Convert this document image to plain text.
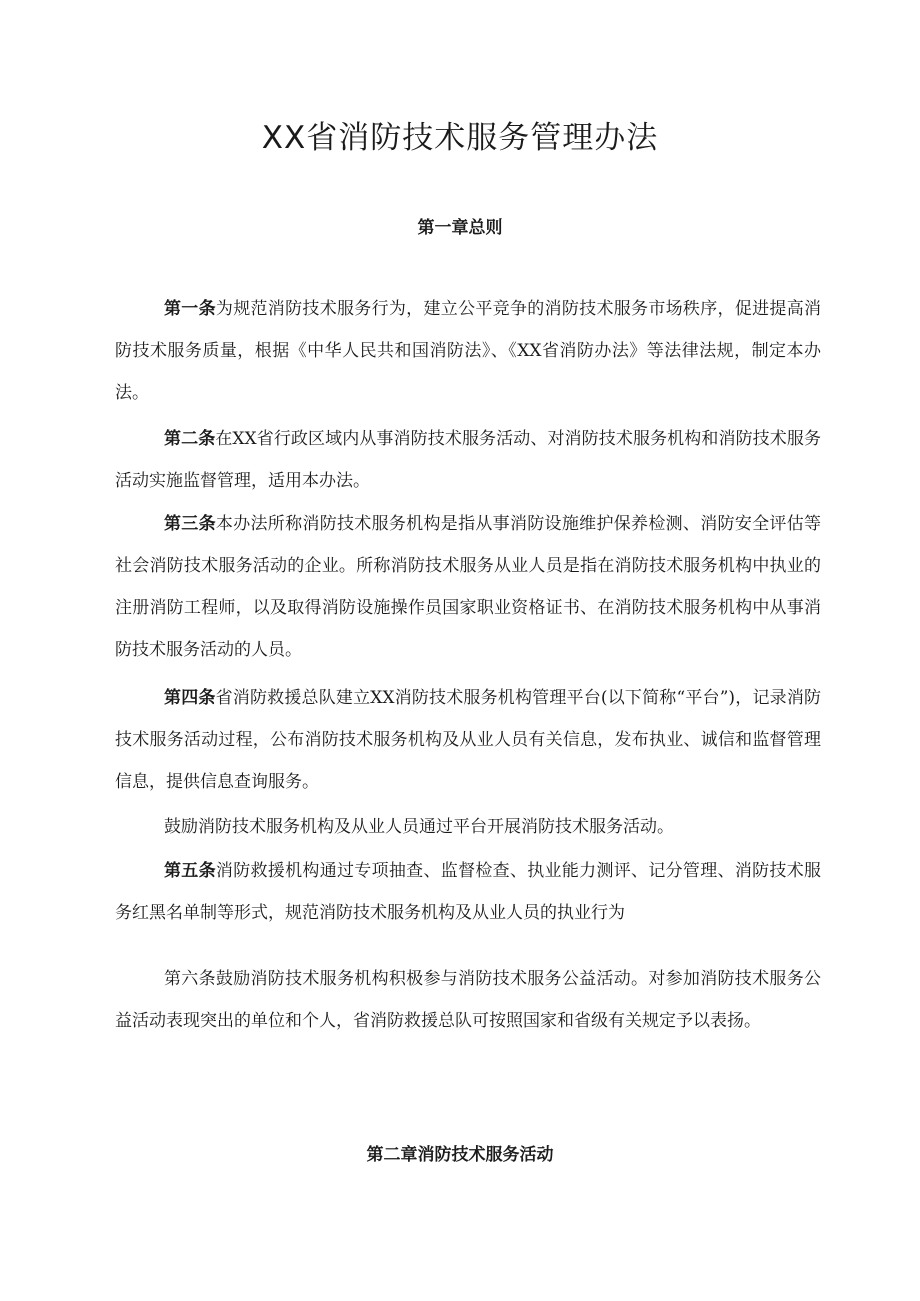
XX省消防技术服务管理办法
第一章总则

第一条为规范消防技术服务行为，建立公平竞争的消防技术服务市场秩序，促进提高消防技术服务质量，根据《中华人民共和国消防法》、《XX省消防办法》等法律法规，制定本办法。

第二条在XX省行政区域内从事消防技术服务活动、对消防技术服务机构和消防技术服务活动实施监督管理，适用本办法。

第三条本办法所称消防技术服务机构是指从事消防设施维护保养检测、消防安全评估等社会消防技术服务活动的企业。所称消防技术服务从业人员是指在消防技术服务机构中执业的注册消防工程师，以及取得消防设施操作员国家职业资格证书、在消防技术服务机构中从事消防技术服务活动的人员。

第四条省消防救援总队建立XX消防技术服务机构管理平台(以下简称“平台”)，记录消防技术服务活动过程，公布消防技术服务机构及从业人员有关信息，发布执业、诚信和监督管理信息，提供信息查询服务。

鼓励消防技术服务机构及从业人员通过平台开展消防技术服务活动。

第五条消防救援机构通过专项抽查、监督检查、执业能力测评、记分管理、消防技术服务红黑名单制等形式，规范消防技术服务机构及从业人员的执业行为

第六条鼓励消防技术服务机构积极参与消防技术服务公益活动。对参加消防技术服务公益活动表现突出的单位和个人，省消防救援总队可按照国家和省级有关规定予以表扬。

第二章消防技术服务活动
